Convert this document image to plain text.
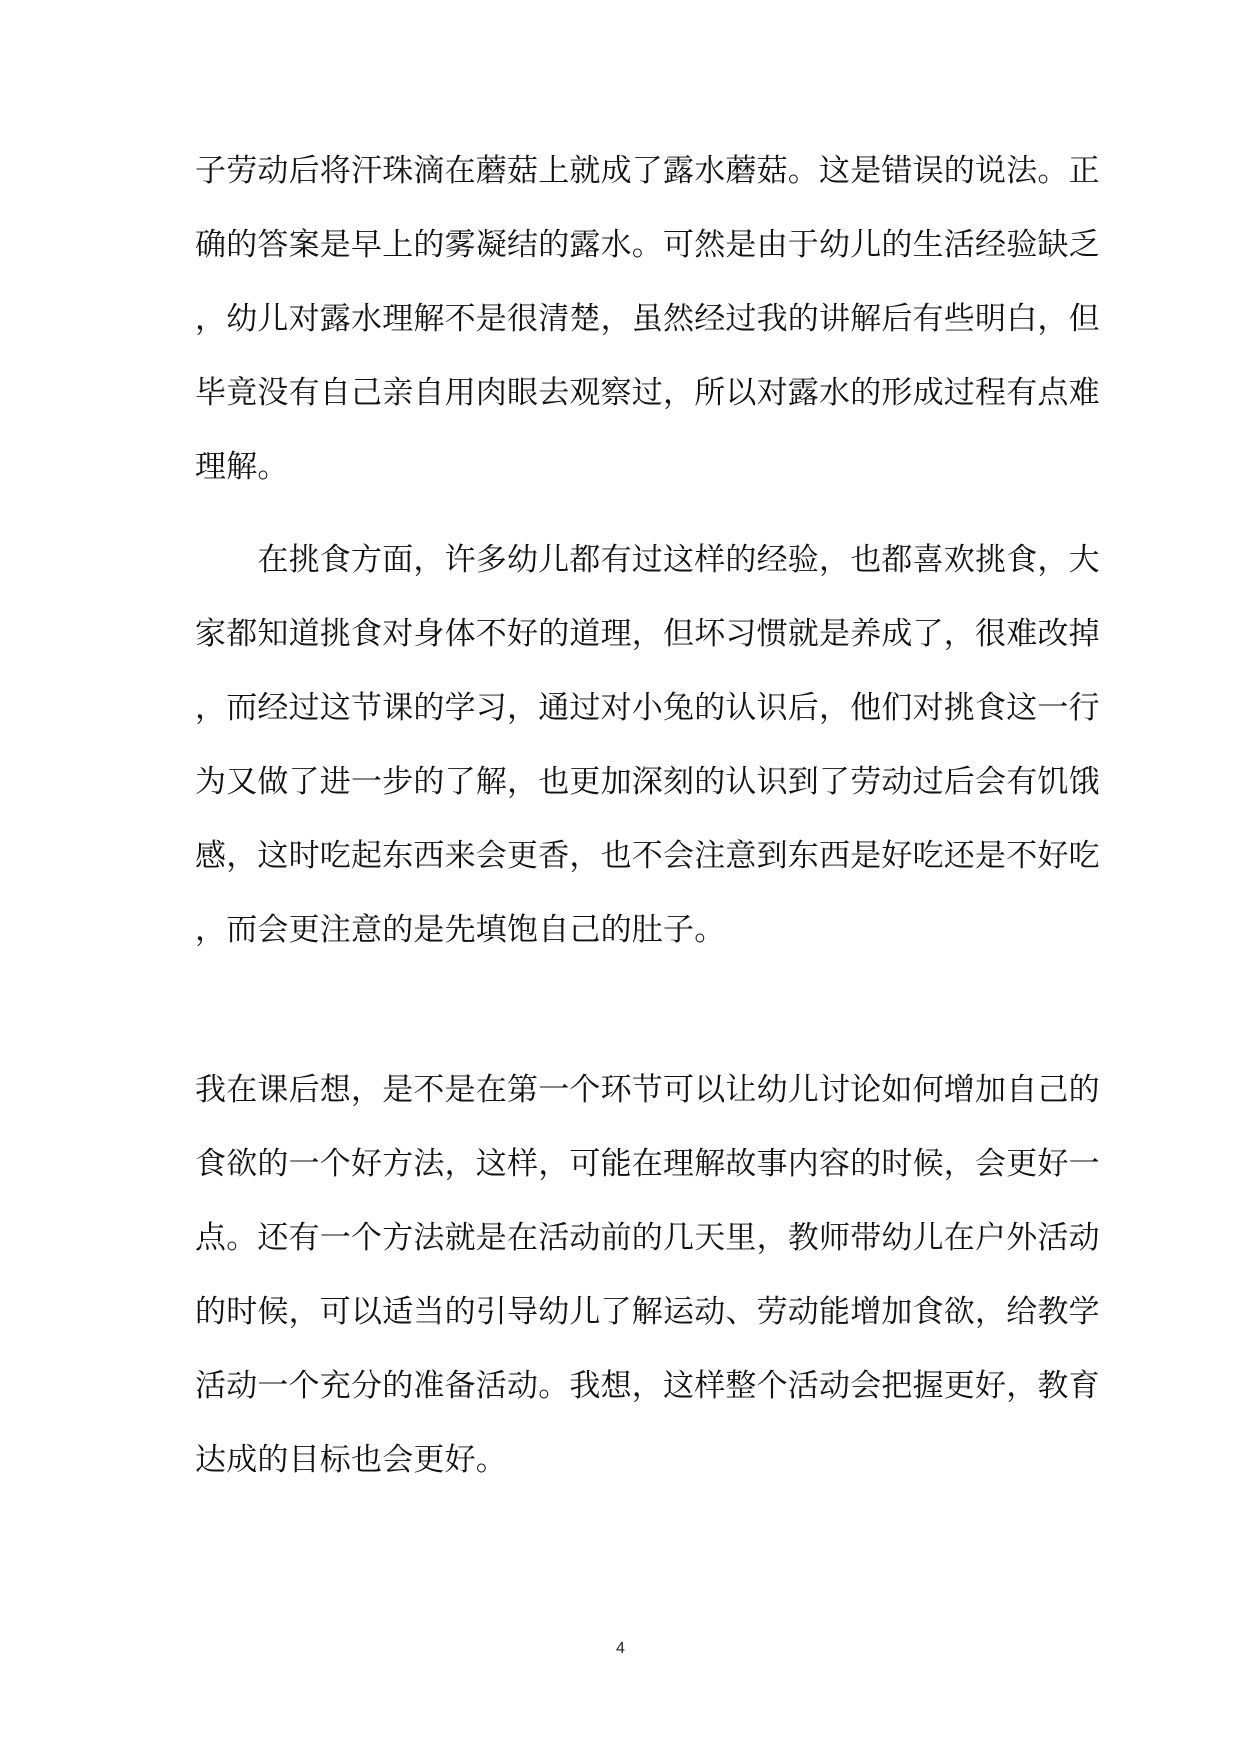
子劳动后将汗珠滴在蘑菇上就成了露水蘑菇。这是错误的说法。正
确的答案是早上的雾凝结的露水。可然是由于幼儿的生活经验缺乏
，幼儿对露水理解不是很清楚，虽然经过我的讲解后有些明白，但
毕竟没有自己亲自用肉眼去观察过，所以对露水的形成过程有点难
理解。
　　在挑食方面，许多幼儿都有过这样的经验，也都喜欢挑食，大
家都知道挑食对身体不好的道理，但坏习惯就是养成了，很难改掉
，而经过这节课的学习，通过对小兔的认识后，他们对挑食这一行
为又做了进一步的了解，也更加深刻的认识到了劳动过后会有饥饿
感，这时吃起东西来会更香，也不会注意到东西是好吃还是不好吃
，而会更注意的是先填饱自己的肚子。
我在课后想，是不是在第一个环节可以让幼儿讨论如何增加自己的
食欲的一个好方法，这样，可能在理解故事内容的时候，会更好一
点。还有一个方法就是在活动前的几天里，教师带幼儿在户外活动
的时候，可以适当的引导幼儿了解运动、劳动能增加食欲，给教学
活动一个充分的准备活动。我想，这样整个活动会把握更好，教育
达成的目标也会更好。
4
